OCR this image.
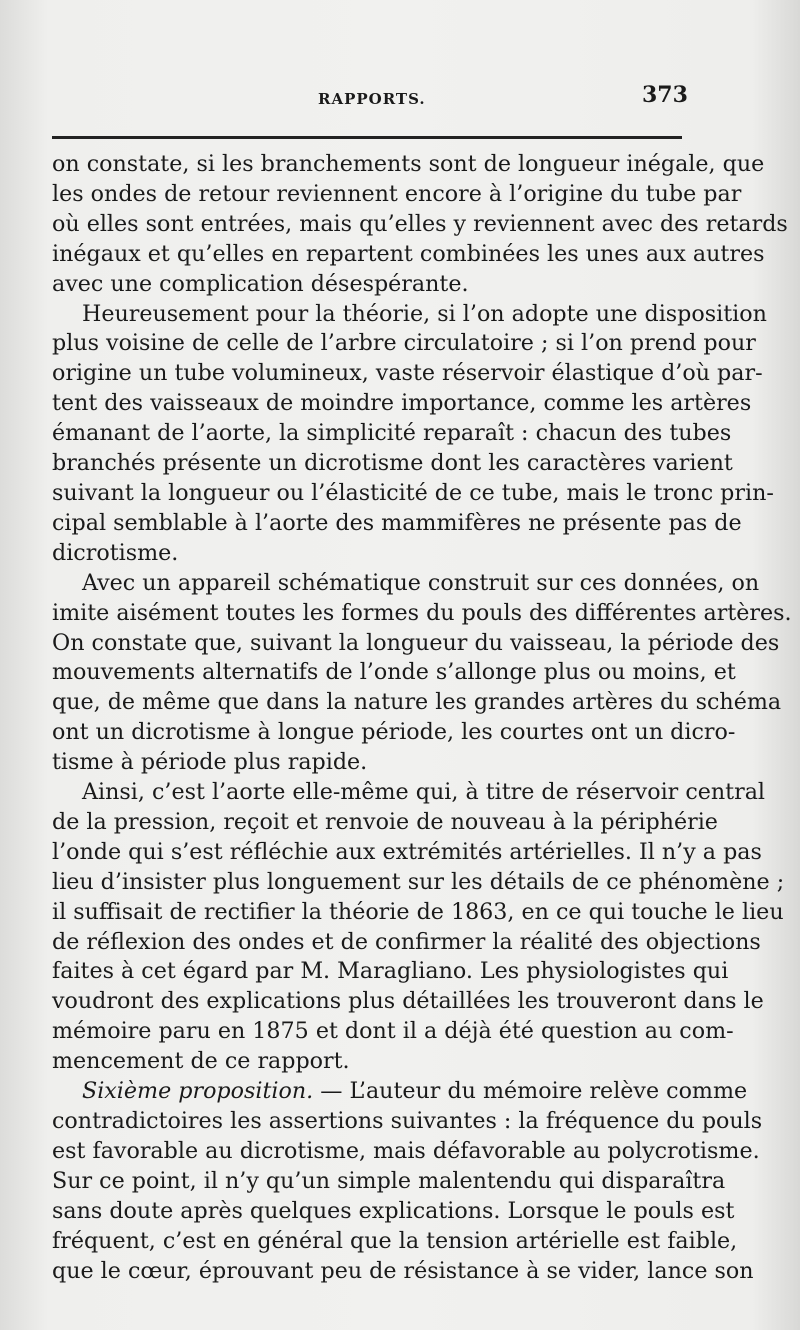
RAPPORTS.	373

on constate, si les branchements sont de longueur inégale, que
les ondes de retour reviennent encore à l’origine du tube par
où elles sont entrées, mais qu’elles y reviennent avec des retards
inégaux et qu’elles en repartent combinées les unes aux autres
avec une complication désespérante.

Heureusement pour la théorie, si l’on adopte une disposition
plus voisine de celle de l’arbre circulatoire ; si l’on prend pour
origine un tube volumineux, vaste réservoir élastique d’où par-
tent des vaisseaux de moindre importance, comme les artères
émanant de l’aorte, la simplicité reparaît : chacun des tubes
branchés présente un dicrotisme dont les caractères varient
suivant la longueur ou l’élasticité de ce tube, mais le tronc prin-
cipal semblable à l’aorte des mammifères ne présente pas de
dicrotisme.

Avec un appareil schématique construit sur ces données, on
imite aisément toutes les formes du pouls des différentes artères.
On constate que, suivant la longueur du vaisseau, la période des
mouvements alternatifs de l’onde s’allonge plus ou moins, et
que, de même que dans la nature les grandes artères du schéma
ont un dicrotisme à longue période, les courtes ont un dicro-
tisme à période plus rapide.

Ainsi, c’est l’aorte elle-même qui, à titre de réservoir central
de la pression, reçoit et renvoie de nouveau à la périphérie
l’onde qui s’est réfléchie aux extrémités artérielles. Il n’y a pas
lieu d’insister plus longuement sur les détails de ce phénomène ;
il suffisait de rectifier la théorie de 1863, en ce qui touche le lieu
de réflexion des ondes et de confirmer la réalité des objections
faites à cet égard par M. Maragliano. Les physiologistes qui
voudront des explications plus détaillées les trouveront dans le
mémoire paru en 1875 et dont il a déjà été question au com-
mencement de ce rapport.

Sixième proposition. — L’auteur du mémoire relève comme
contradictoires les assertions suivantes : la fréquence du pouls
est favorable au dicrotisme, mais défavorable au polycrotisme.
Sur ce point, il n’y qu’un simple malentendu qui disparaîtra
sans doute après quelques explications. Lorsque le pouls est
fréquent, c’est en général que la tension artérielle est faible,
que le cœur, éprouvant peu de résistance à se vider, lance son
